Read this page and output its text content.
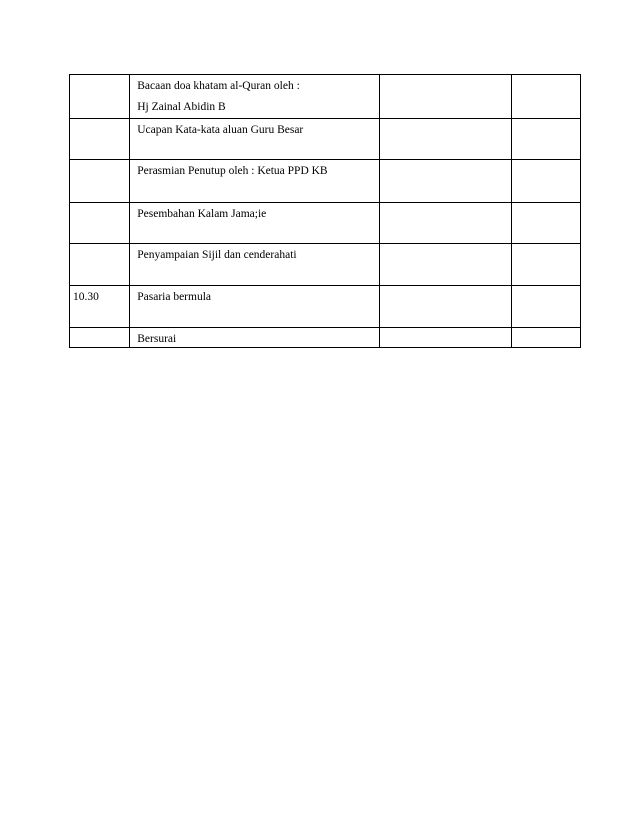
	Bacaan doa khatam al-Quran oleh :
Hj Zainal Abidin B		

	Ucapan Kata-kata aluan Guru Besar		

	Perasmian Penutup oleh : Ketua PPD KB		

	Pesembahan Kalam Jama;ie		

	Penyampaian Sijil dan cenderahati		

10.30	Pasaria bermula		

	Bersurai		
